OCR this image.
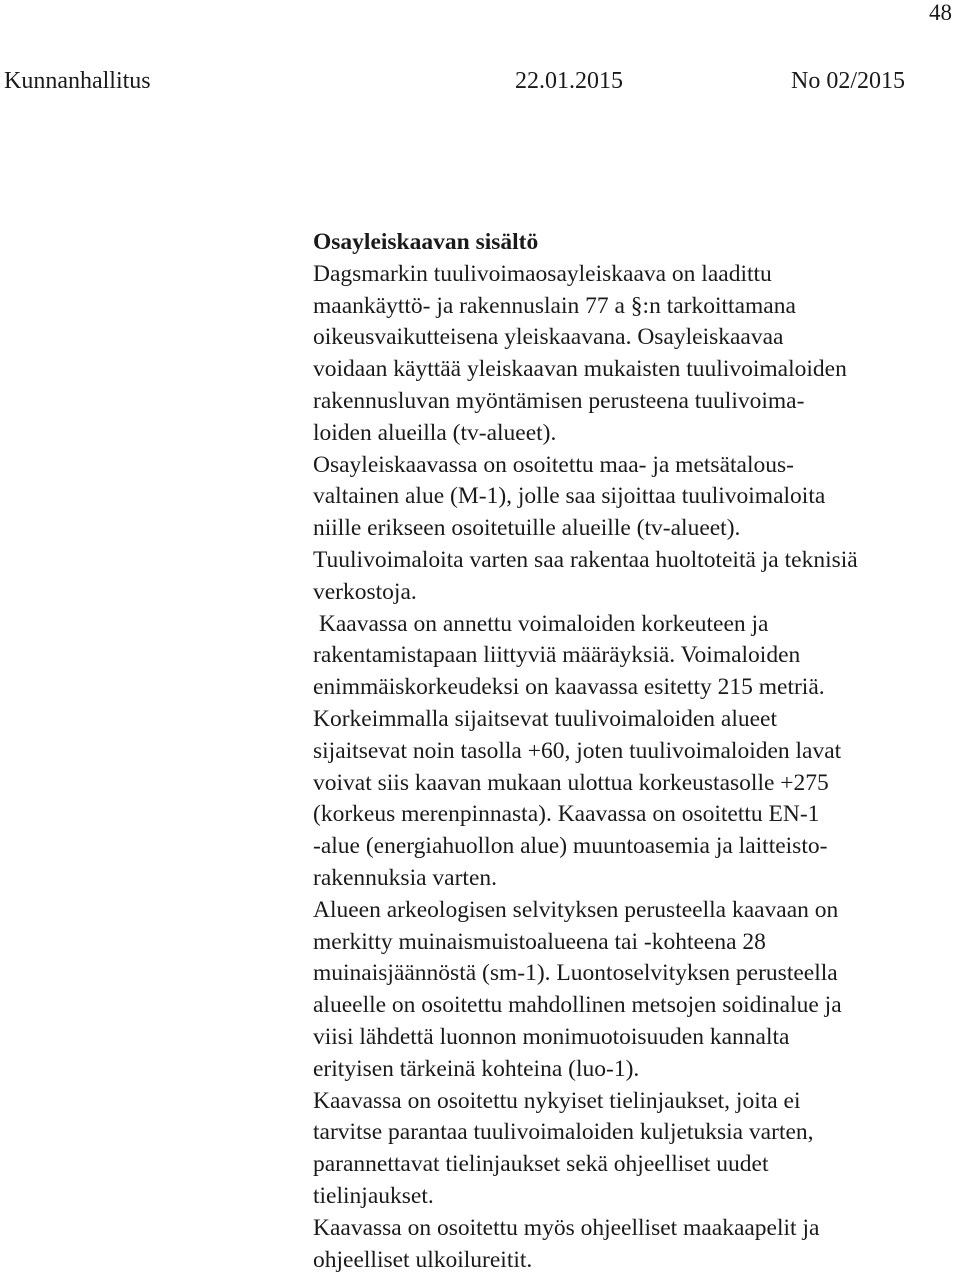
48
Kunnanhallitus	22.01.2015	No 02/2015
Osayleiskaavan sisältö
Dagsmarkin tuulivoimaosayleiskaava on laadittu
maankäyttö- ja rakennuslain 77 a §:n tarkoittamana
oikeusvaikutteisena yleiskaavana. Osayleiskaavaa
voidaan käyttää yleiskaavan mukaisten tuulivoimaloiden
rakennusluvan myöntämisen perusteena tuulivoima-
loiden alueilla (tv-alueet).
Osayleiskaavassa on osoitettu maa- ja metsätalous-
valtainen alue (M-1), jolle saa sijoittaa tuulivoimaloita
niille erikseen osoitetuille alueille (tv-alueet).
Tuulivoimaloita varten saa rakentaa huoltoteitä ja teknisiä
verkostoja.
Kaavassa on annettu voimaloiden korkeuteen ja
rakentamistapaan liittyviä määräyksiä. Voimaloiden
enimmäiskorkeudeksi on kaavassa esitetty 215 metriä.
Korkeimmalla sijaitsevat tuulivoimaloiden alueet
sijaitsevat noin tasolla +60, joten tuulivoimaloiden lavat
voivat siis kaavan mukaan ulottua korkeustasolle +275
(korkeus merenpinnasta). Kaavassa on osoitettu EN-1
-alue (energiahuollon alue) muuntoasemia ja laitteisto-
rakennuksia varten.
Alueen arkeologisen selvityksen perusteella kaavaan on
merkitty muinaismuistoalueena tai -kohteena 28
muinaisjäännöstä (sm-1). Luontoselvityksen perusteella
alueelle on osoitettu mahdollinen metsojen soidinalue ja
viisi lähdettä luonnon monimuotoisuuden kannalta
erityisen tärkeinä kohteina (luo-1).
Kaavassa on osoitettu nykyiset tielinjaukset, joita ei
tarvitse parantaa tuulivoimaloiden kuljetuksia varten,
parannettavat tielinjaukset sekä ohjeelliset uudet
tielinjaukset.
Kaavassa on osoitettu myös ohjeelliset maakaapelit ja
ohjeelliset ulkoilureitit.
